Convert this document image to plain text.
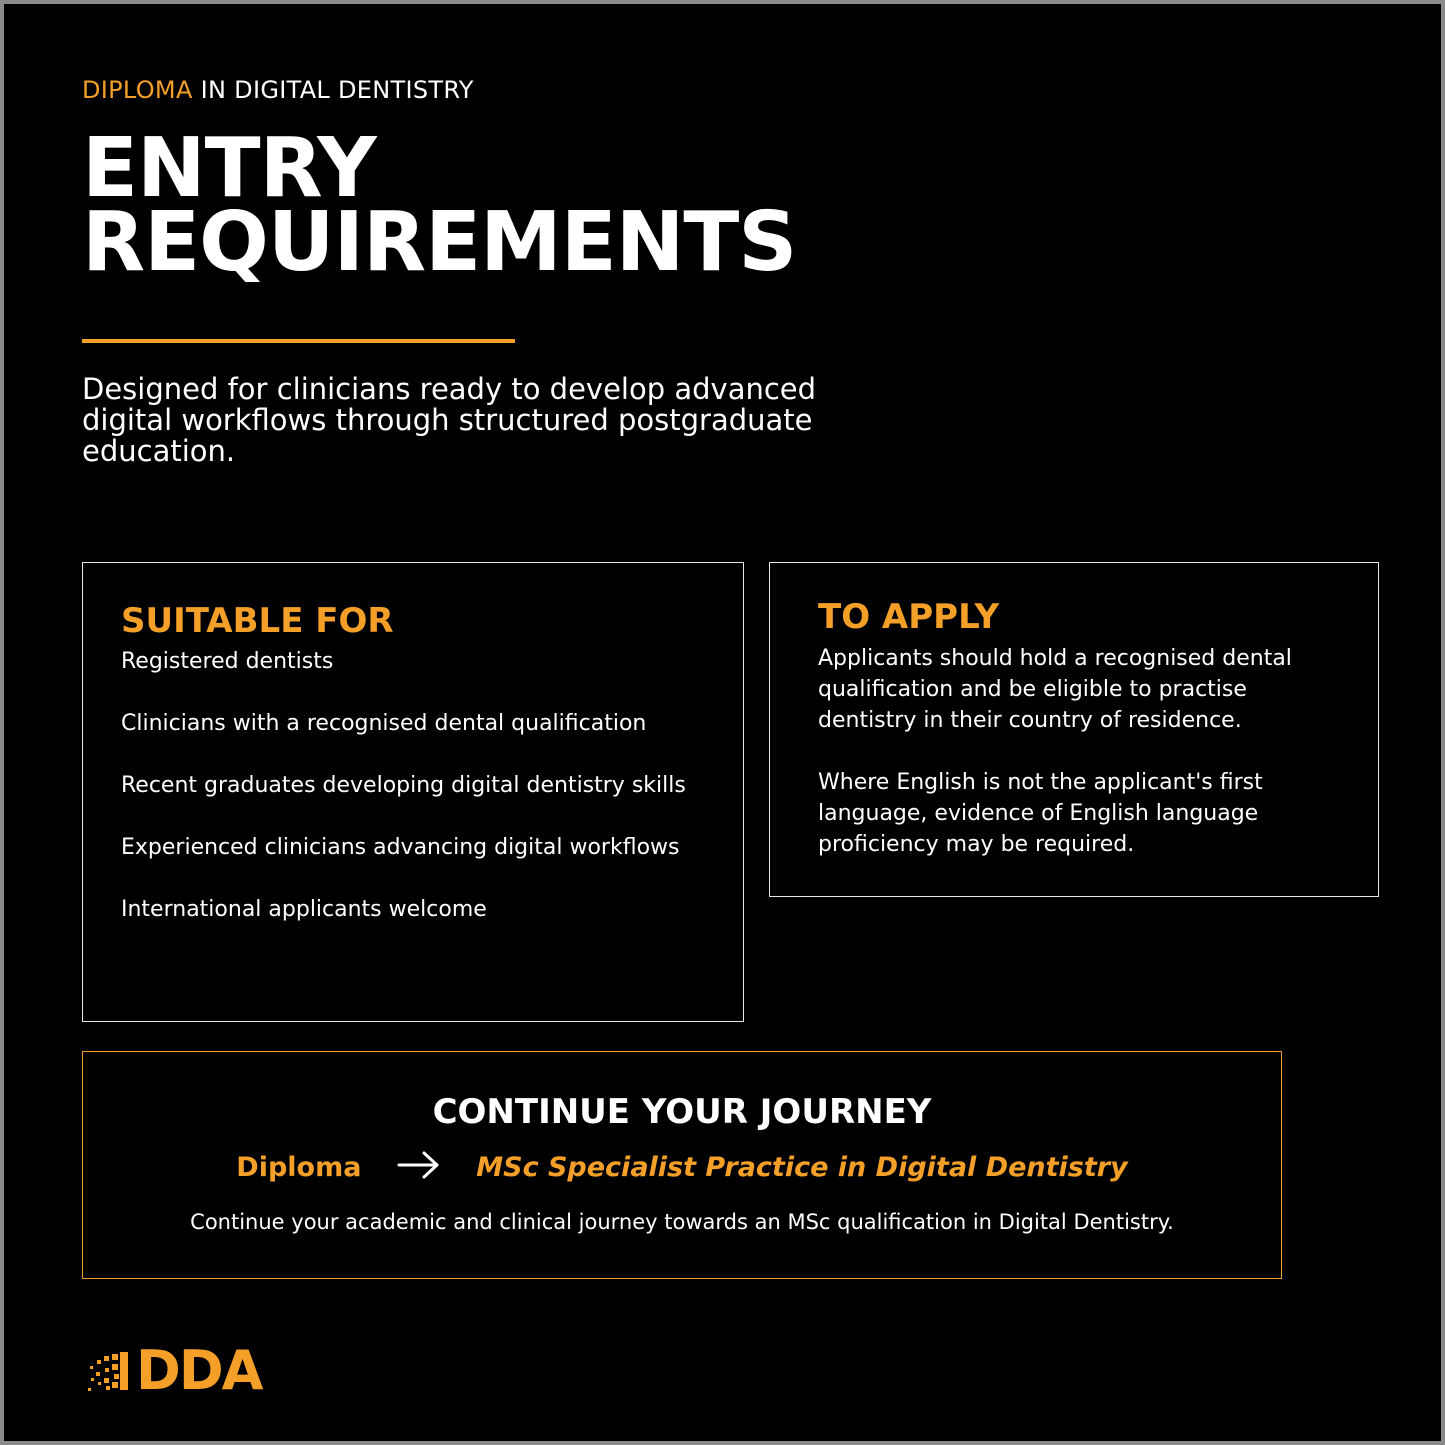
DIPLOMA IN DIGITAL DENTISTRY
ENTRY
REQUIREMENTS
Designed for clinicians ready to develop advanced digital workflows through structured postgraduate education.
SUITABLE FOR
Registered dentists
Clinicians with a recognised dental qualification
Recent graduates developing digital dentistry skills
Experienced clinicians advancing digital workflows
International applicants welcome
TO APPLY

Applicants should hold a recognised dental qualification and be eligible to practise dentistry in their country of residence.

Where English is not the applicant's first language, evidence of English language proficiency may be required.

CONTINUE YOUR JOURNEY
Diploma	MSc Specialist Practice in Digital Dentistry
Continue your academic and clinical journey towards an MSc qualification in Digital Dentistry.
DDA
